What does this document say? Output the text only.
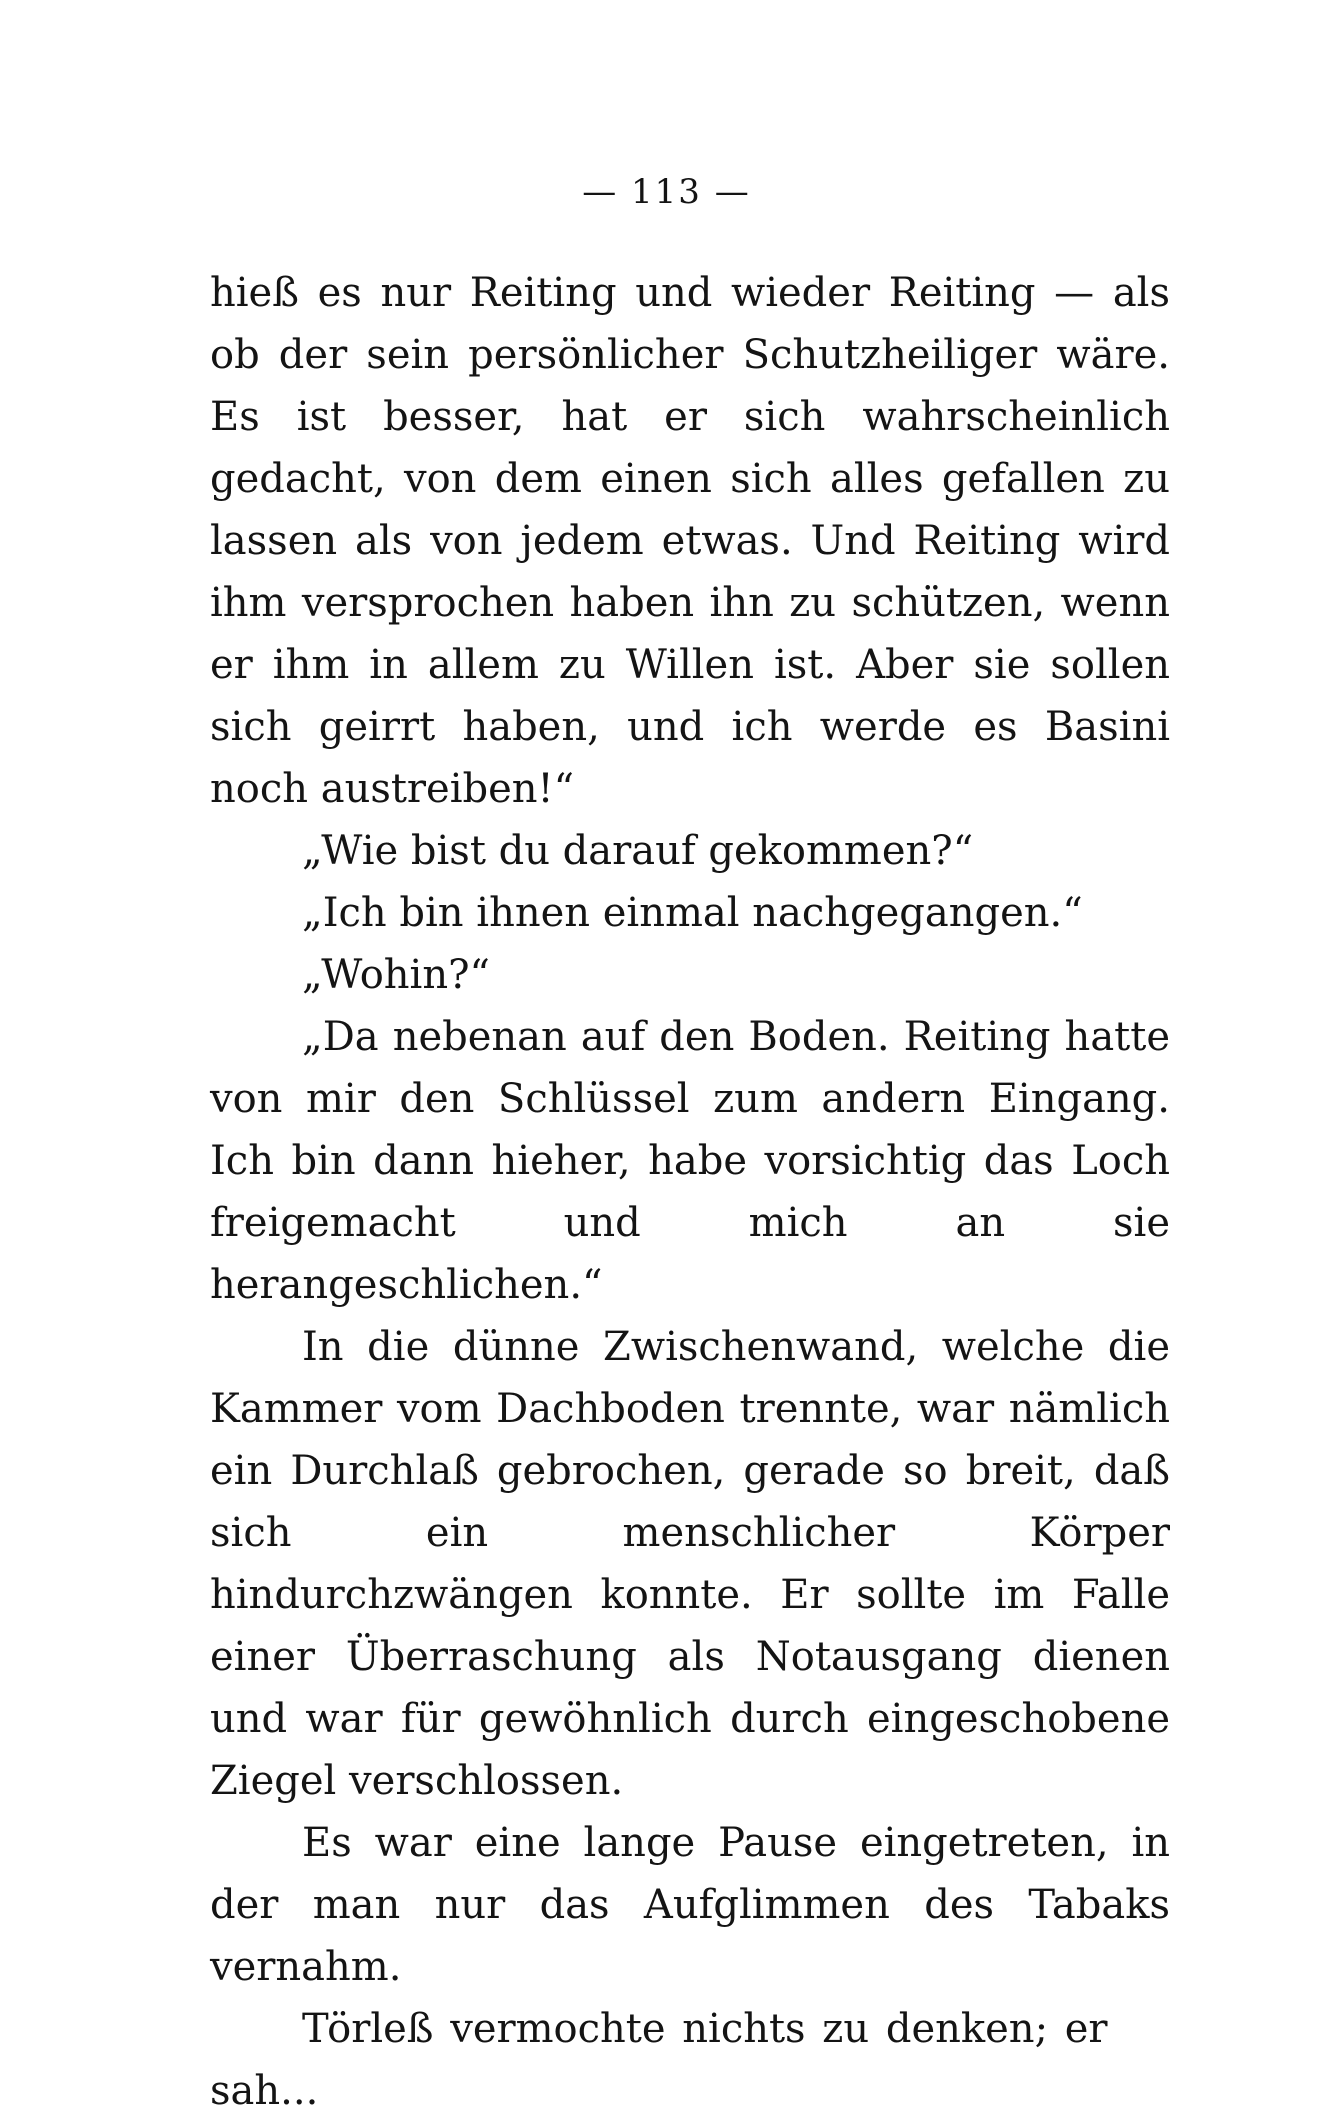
— 113 —

hieß es nur Reiting und wieder Reiting — als ob der sein persönlicher Schutzheiliger wäre. Es ist besser, hat er sich wahrscheinlich gedacht, von dem einen sich alles gefallen zu lassen als von jedem etwas. Und Reiting wird ihm versprochen haben ihn zu schützen, wenn er ihm in allem zu Willen ist. Aber sie sollen sich geirrt haben, und ich werde es Basini noch austreiben!“

„Wie bist du darauf gekommen?“

„Ich bin ihnen einmal nachgegangen.“

„Wohin?“

„Da nebenan auf den Boden. Reiting hatte von mir den Schlüssel zum andern Eingang. Ich bin dann hieher, habe vorsichtig das Loch freigemacht und mich an sie herangeschlichen.“

In die dünne Zwischenwand, welche die Kammer vom Dachboden trennte, war nämlich ein Durchlaß gebrochen, gerade so breit, daß sich ein menschlicher Körper hindurchzwängen konnte. Er sollte im Falle einer Überraschung als Notausgang dienen und war für gewöhnlich durch eingeschobene Ziegel verschlossen.

Es war eine lange Pause eingetreten, in der man nur das Aufglimmen des Tabaks vernahm.

Törleß vermochte nichts zu denken; er sah...
